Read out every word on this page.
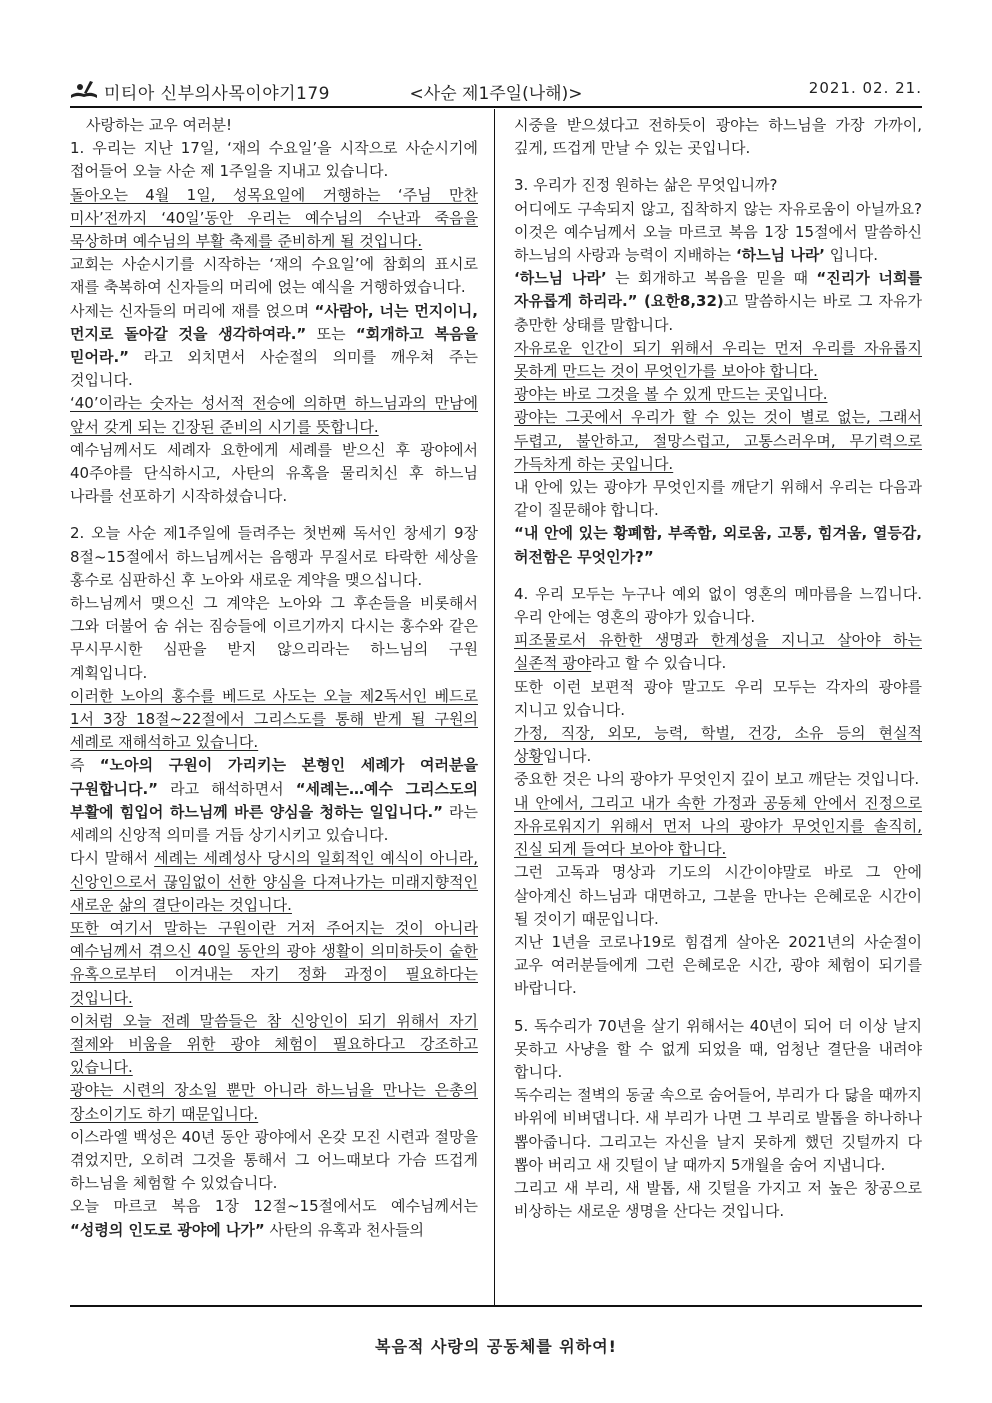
미티아 신부의사목이야기179	<사순 제1주일(나해)>	2021. 02. 21.

사랑하는 교우 여러분!

1. 우리는 지난 17일, ‘재의 수요일’을 시작으로 사순시기에 접어들어 오늘 사순 제 1주일을 지내고 있습니다.

돌아오는 4월 1일, 성목요일에 거행하는 ‘주님 만찬 미사’전까지 ‘40일’동안 우리는 예수님의 수난과 죽음을 묵상하며 예수님의 부활 축제를 준비하게 될 것입니다.

교회는 사순시기를 시작하는 ‘재의 수요일’에 참회의 표시로 재를 축복하여 신자들의 머리에 얹는 예식을 거행하였습니다.

사제는 신자들의 머리에 재를 얹으며 “사람아, 너는 먼지이니, 먼지로 돌아갈 것을 생각하여라.” 또는 “회개하고 복음을 믿어라.” 라고 외치면서 사순절의 의미를 깨우쳐 주는 것입니다.

‘40’이라는 숫자는 성서적 전승에 의하면 하느님과의 만남에 앞서 갖게 되는 긴장된 준비의 시기를 뜻합니다.

예수님께서도 세례자 요한에게 세례를 받으신 후 광야에서 40주야를 단식하시고, 사탄의 유혹을 물리치신 후 하느님 나라를 선포하기 시작하셨습니다.

2. 오늘 사순 제1주일에 들려주는 첫번째 독서인 창세기 9장 8절~15절에서 하느님께서는 음행과 무질서로 타락한 세상을 홍수로 심판하신 후 노아와 새로운 계약을 맺으십니다.

하느님께서 맺으신 그 계약은 노아와 그 후손들을 비롯해서 그와 더불어 숨 쉬는 짐승들에 이르기까지 다시는 홍수와 같은 무시무시한 심판을 받지 않으리라는 하느님의 구원 계획입니다.

이러한 노아의 홍수를 베드로 사도는 오늘 제2독서인 베드로 1서 3장 18절~22절에서 그리스도를 통해 받게 될 구원의 세례로 재해석하고 있습니다.

즉 “노아의 구원이 가리키는 본형인 세례가 여러분을 구원합니다.” 라고 해석하면서 “세례는…예수 그리스도의 부활에 힘입어 하느님께 바른 양심을 청하는 일입니다.” 라는 세례의 신앙적 의미를 거듭 상기시키고 있습니다.

다시 말해서 세례는 세례성사 당시의 일회적인 예식이 아니라, 신앙인으로서 끊임없이 선한 양심을 다져나가는 미래지향적인 새로운 삶의 결단이라는 것입니다.

또한 여기서 말하는 구원이란 거저 주어지는 것이 아니라 예수님께서 겪으신 40일 동안의 광야 생활이 의미하듯이 숱한 유혹으로부터 이겨내는 자기 정화 과정이 필요하다는 것입니다.

이처럼 오늘 전례 말씀들은 참 신앙인이 되기 위해서 자기 절제와 비움을 위한 광야 체험이 필요하다고 강조하고 있습니다.

광야는 시련의 장소일 뿐만 아니라 하느님을 만나는 은총의 장소이기도 하기 때문입니다.

이스라엘 백성은 40년 동안 광야에서 온갖 모진 시련과 절망을 겪었지만, 오히려 그것을 통해서 그 어느때보다 가슴 뜨겁게 하느님을 체험할 수 있었습니다.

오늘 마르코 복음 1장 12절~15절에서도 예수님께서는 “성령의 인도로 광야에 나가” 사탄의 유혹과 천사들의

시중을 받으셨다고 전하듯이 광야는 하느님을 가장 가까이, 깊게, 뜨겁게 만날 수 있는 곳입니다.

3. 우리가 진정 원하는 삶은 무엇입니까?

어디에도 구속되지 않고, 집착하지 않는 자유로움이 아닐까요? 이것은 예수님께서 오늘 마르코 복음 1장 15절에서 말씀하신 하느님의 사랑과 능력이 지배하는 ‘하느님 나라’ 입니다.

‘하느님 나라’ 는 회개하고 복음을 믿을 때 “진리가 너희를 자유롭게 하리라.” (요한8,32)고 말씀하시는 바로 그 자유가 충만한 상태를 말합니다.

자유로운 인간이 되기 위해서 우리는 먼저 우리를 자유롭지 못하게 만드는 것이 무엇인가를 보아야 합니다.

광야는 바로 그것을 볼 수 있게 만드는 곳입니다.

광야는 그곳에서 우리가 할 수 있는 것이 별로 없는, 그래서 두렵고, 불안하고, 절망스럽고, 고통스러우며, 무기력으로 가득차게 하는 곳입니다.

내 안에 있는 광야가 무엇인지를 깨닫기 위해서 우리는 다음과 같이 질문해야 합니다.

“내 안에 있는 황폐함, 부족함, 외로움, 고통, 힘겨움, 열등감, 허전함은 무엇인가?”

4. 우리 모두는 누구나 예외 없이 영혼의 메마름을 느낍니다. 우리 안에는 영혼의 광야가 있습니다.

피조물로서 유한한 생명과 한계성을 지니고 살아야 하는 실존적 광야라고 할 수 있습니다.

또한 이런 보편적 광야 말고도 우리 모두는 각자의 광야를 지니고 있습니다.

가정, 직장, 외모, 능력, 학벌, 건강, 소유 등의 현실적 상황입니다.

중요한 것은 나의 광야가 무엇인지 깊이 보고 깨닫는 것입니다.

내 안에서, 그리고 내가 속한 가정과 공동체 안에서 진정으로 자유로워지기 위해서 먼저 나의 광야가 무엇인지를 솔직히, 진실 되게 들여다 보아야 합니다.

그런 고독과 명상과 기도의 시간이야말로 바로 그 안에 살아계신 하느님과 대면하고, 그분을 만나는 은혜로운 시간이 될 것이기 때문입니다.

지난 1년을 코로나19로 힘겹게 살아온 2021년의 사순절이 교우 여러분들에게 그런 은혜로운 시간, 광야 체험이 되기를 바랍니다.

5. 독수리가 70년을 살기 위해서는 40년이 되어 더 이상 날지 못하고 사냥을 할 수 없게 되었을 때, 엄청난 결단을 내려야 합니다.

독수리는 절벽의 동굴 속으로 숨어들어, 부리가 다 닳을 때까지 바위에 비벼댑니다. 새 부리가 나면 그 부리로 발톱을 하나하나 뽑아줍니다. 그리고는 자신을 날지 못하게 했던 깃털까지 다 뽑아 버리고 새 깃털이 날 때까지 5개월을 숨어 지냅니다.

그리고 새 부리, 새 발톱, 새 깃털을 가지고 저 높은 창공으로 비상하는 새로운 생명을 산다는 것입니다.

복음적 사랑의 공동체를 위하여!
